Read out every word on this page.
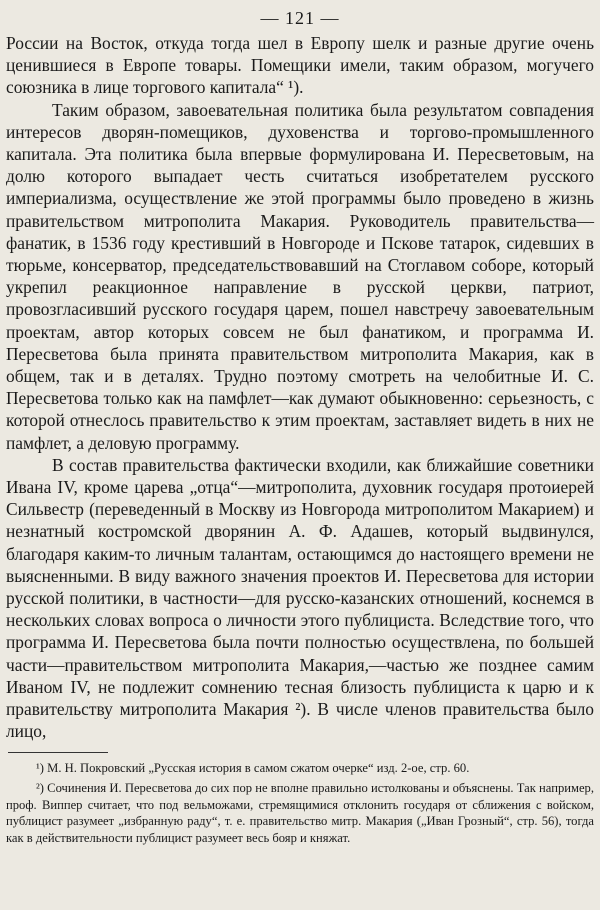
— 121 —

России на Восток, откуда тогда шел в Европу шелк и разные другие очень ценившиеся в Европе товары. Помещики имели, таким образом, могучего союзника в лице торгового капитала“ ¹).

Таким образом, завоевательная политика была результатом совпадения интересов дворян-помещиков, духовенства и торгово-промышленного капитала. Эта политика была впервые формулирована И. Пересветовым, на долю которого выпадает честь считаться изобретателем русского империализма, осуществление же этой программы было проведено в жизнь правительством митрополита Макария. Руководитель правительства—фанатик, в 1536 году крестивший в Новгороде и Пскове татарок, сидевших в тюрьме, консерватор, председательствовавший на Стоглавом соборе, который укрепил реакционное направление в русской церкви, патриот, провозгласивший русского государя царем, пошел навстречу завоевательным проектам, автор которых совсем не был фанатиком, и программа И. Пересветова была принята правительством митрополита Макария, как в общем, так и в деталях. Трудно поэтому смотреть на челобитные И. С. Пересветова только как на памфлет—как думают обыкновенно: серьезность, с которой отнеслось правительство к этим проектам, заставляет видеть в них не памфлет, а деловую программу.

В состав правительства фактически входили, как ближайшие советники Ивана IV, кроме царева „отца“—митрополита, духовник государя протоиерей Сильвестр (переведенный в Москву из Новгорода митрополитом Макарием) и незнатный костромской дворянин А. Ф. Адашев, который выдвинулся, благодаря каким-то личным талантам, остающимся до настоящего времени не выясненными. В виду важного значения проектов И. Пересветова для истории русской политики, в частности—для русско-казанских отношений, коснемся в нескольких словах вопроса о личности этого публициста. Вследствие того, что программа И. Пересветова была почти полностью осуществлена, по большей части—правительством митрополита Макария,—частью же позднее самим Иваном IV, не подлежит сомнению тесная близость публициста к царю и к правительству митрополита Макария ²). В числе членов правительства было лицо,

¹) М. Н. Покровский „Русская история в самом сжатом очерке“ изд. 2-ое, стр. 60.

²) Сочинения И. Пересветова до сих пор не вполне правильно истолкованы и объяснены. Так например, проф. Виппер считает, что под вельможами, стремящимися отклонить государя от сближения с войском, публицист разумеет „избранную раду“, т. е. правительство митр. Макария („Иван Грозный“, стр. 56), тогда как в действительности публицист разумеет весь бояр и княжат.
